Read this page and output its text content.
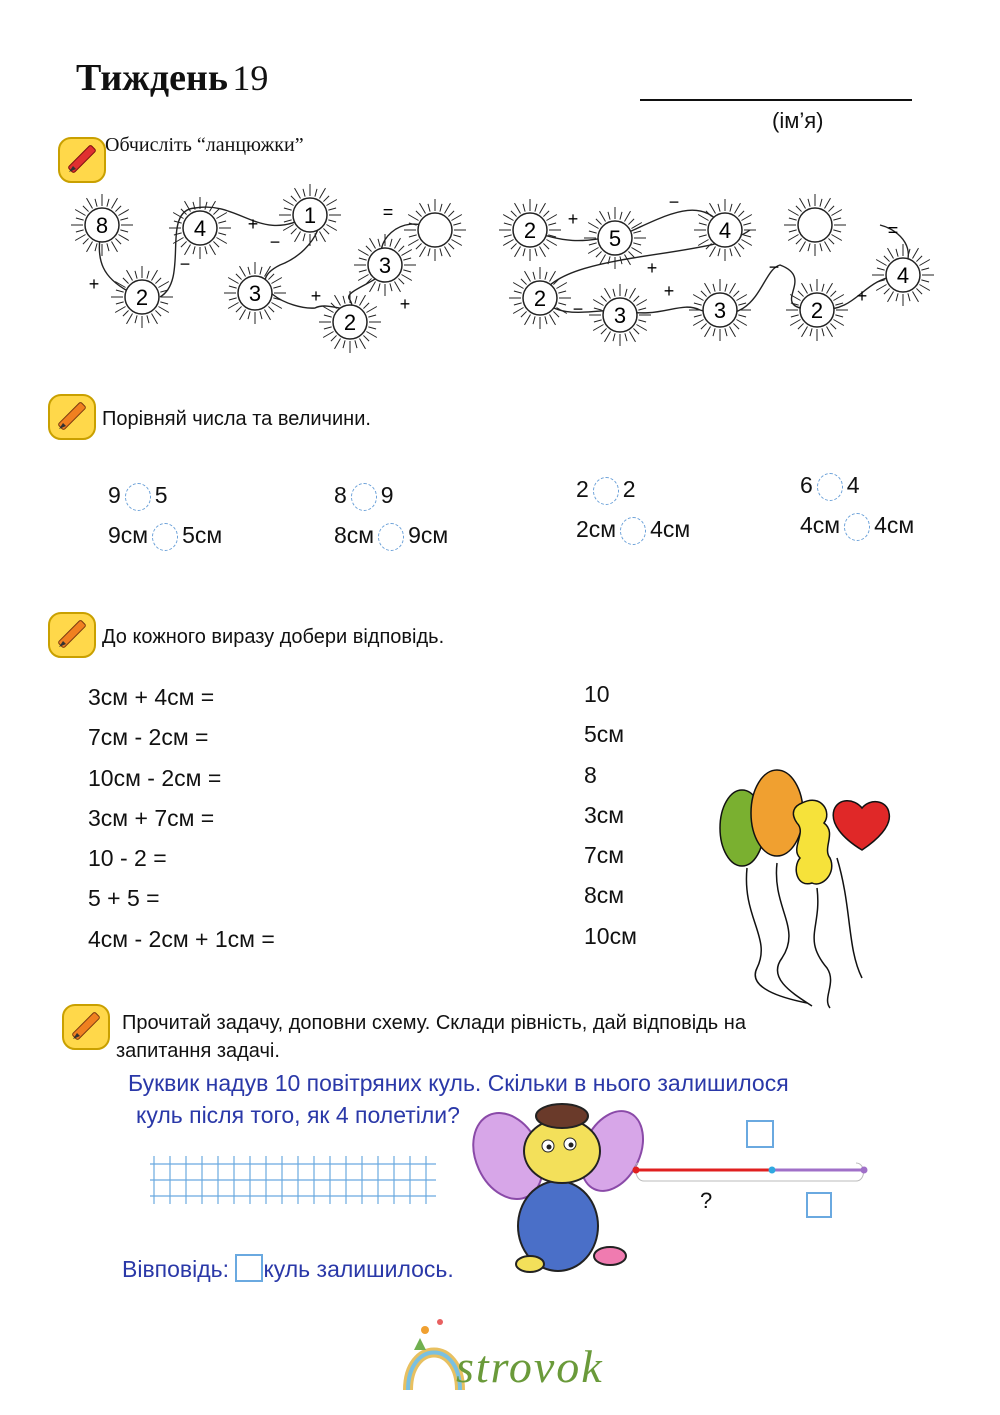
Тиждень 19
(ім’я)
Обчисліть “ланцюжки”
8	4
1
2
3
3
2
2	5	4
2
3	3	2
4
+
+
−
−
+	+
=	+
−
+
−
+
−
+
=
Порівняй числа та величини.
9 5
9см 5см
8 9
8см 9см
2 2
2см 4см
6 4
4см 4см
До кожного виразу добери відповідь.
3см + 4см =
7см - 2см =
10см - 2см =
3см + 7см =
10 - 2 =
5 + 5 =
4см - 2см + 1см =
10
5см
8
3см
7см
8см
10см
Прочитай задачу, доповни схему. Склади рівність, дай відповідь на
запитання задачі.
Буквик надув 10 повітряних куль. Скільки в нього залишилося
куль після того, як 4 полетіли?
?
Вівповідь: куль залишилось.
strovok
